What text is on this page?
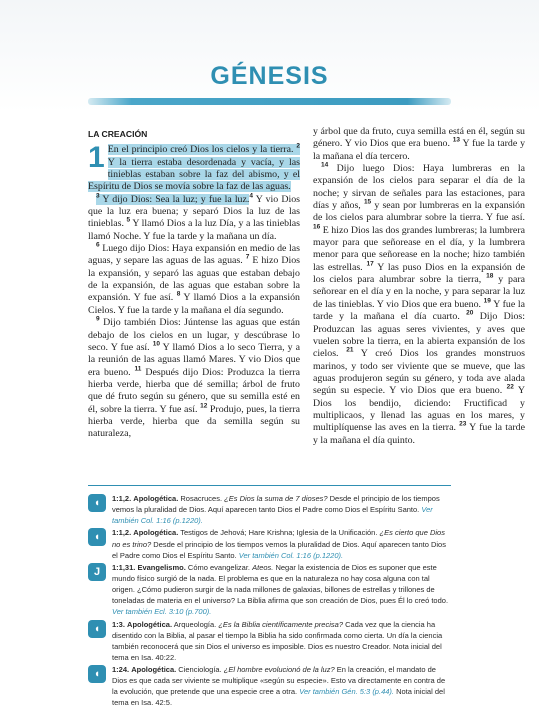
GÉNESIS
LA CREACIÓN

1 En el principio creó Dios los cielos y la tierra. $^2$ Y la tierra estaba desordenada y vacía, y las tinieblas estaban sobre la faz del abismo, y el Espíritu de Dios se movía sobre la faz de las aguas.

$^3$ Y dijo Dios: Sea la luz; y fue la luz.$^4$ Y vio Dios que la luz era buena; y separó Dios la luz de las tinieblas. $^5$ Y llamó Dios a la luz Día, y a las tinieblas llamó Noche. Y fue la tarde y la mañana un día.

$^6$ Luego dijo Dios: Haya expansión en medio de las aguas, y separe las aguas de las aguas. $^7$ E hizo Dios la expansión, y separó las aguas que estaban debajo de la expansión, de las aguas que estaban sobre la expansión. Y fue así. $^8$ Y llamó Dios a la expansión Cielos. Y fue la tarde y la mañana el día segundo.

$^9$ Dijo también Dios: Júntense las aguas que están debajo de los cielos en un lugar, y descúbrase lo seco. Y fue así. $^{10}$ Y llamó Dios a lo seco Tierra, y a la reunión de las aguas llamó Mares. Y vio Dios que era bueno. $^{11}$ Después dijo Dios: Produzca la tierra hierba verde, hierba que dé semilla; árbol de fruto que dé fruto según su género, que su semilla esté en él, sobre la tierra. Y fue así. $^{12}$ Produjo, pues, la tierra hierba verde, hierba que da semilla según su naturaleza,

y árbol que da fruto, cuya semilla está en él, según su género. Y vio Dios que era bueno. $^{13}$ Y fue la tarde y la mañana el día tercero.

$^{14}$ Dijo luego Dios: Haya lumbreras en la expansión de los cielos para separar el día de la noche; y sirvan de señales para las estaciones, para días y años, $^{15}$ y sean por lumbreras en la expansión de los cielos para alumbrar sobre la tierra. Y fue así. $^{16}$ E hizo Dios las dos grandes lumbreras; la lumbrera mayor para que señorease en el día, y la lumbrera menor para que señorease en la noche; hizo también las estrellas. $^{17}$ Y las puso Dios en la expansión de los cielos para alumbrar sobre la tierra, $^{18}$ y para señorear en el día y en la noche, y para separar la luz de las tinieblas. Y vio Dios que era bueno. $^{19}$ Y fue la tarde y la mañana el día cuarto. $^{20}$ Dijo Dios: Produzcan las aguas seres vivientes, y aves que vuelen sobre la tierra, en la abierta expansión de los cielos. $^{21}$ Y creó Dios los grandes monstruos marinos, y todo ser viviente que se mueve, que las aguas produjeron según su género, y toda ave alada según su especie. Y vio Dios que era bueno. $^{22}$ Y Dios los bendijo, diciendo: Fructificad y multiplicaos, y llenad las aguas en los mares, y multiplíquense las aves en la tierra. $^{23}$ Y fue la tarde y la mañana el día quinto.

◖	1:1,2. Apologética. Rosacruces. ¿Es Dios la suma de 7 dioses? Desde el principio de los tiempos vemos la pluralidad de Dios. Aquí aparecen tanto Dios el Padre como Dios el Espíritu Santo. Ver también Col. 1:16 (p.1220).
◖	1:1,2. Apologética. Testigos de Jehová; Hare Krishna; Iglesia de la Unificación. ¿Es cierto que Dios no es trino? Desde el principio de los tiempos vemos la pluralidad de Dios. Aquí aparecen tanto Dios el Padre como Dios el Espíritu Santo. Ver también Col. 1:16 (p.1220).
J	1:1,31. Evangelismo. Cómo evangelizar. Ateos. Negar la existencia de Dios es suponer que este mundo físico surgió de la nada. El problema es que en la naturaleza no hay cosa alguna con tal origen. ¿Cómo pudieron surgir de la nada millones de galaxias, billones de estrellas y trillones de toneladas de materia en el universo? La Biblia afirma que son creación de Dios, pues Él lo creó todo. Ver también Ecl. 3:10 (p.700).
◖	1:3. Apologética. Arqueología. ¿Es la Biblia científicamente precisa? Cada vez que la ciencia ha disentido con la Biblia, al pasar el tiempo la Biblia ha sido confirmada como cierta. Un día la ciencia también reconocerá que sin Dios el universo es imposible. Dios es nuestro Creador. Nota inicial del tema en Isa. 40:22.
◖	1:24. Apologética. Cienciología. ¿El hombre evolucionó de la luz? En la creación, el mandato de Dios es que cada ser viviente se multiplique «según su especie». Esto va directamente en contra de la evolución, que pretende que una especie cree a otra. Ver también Gén. 5:3 (p.44). Nota inicial del tema en Isa. 42:5.
